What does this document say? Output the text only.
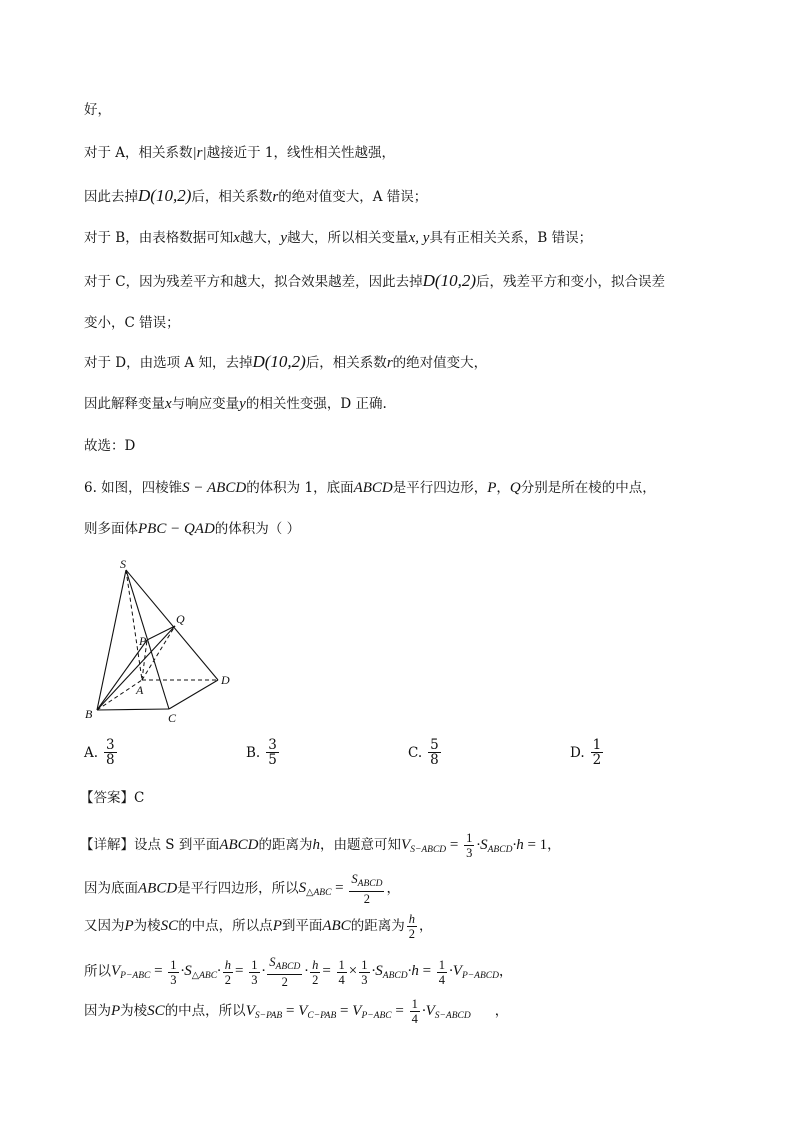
好，
对于 A，相关系数|r|越接近于 1，线性相关性越强，
因此去掉D(10,2)后，相关系数r的绝对值变大，A 错误；
对于 B，由表格数据可知x越大，y越大，所以相关变量x, y具有正相关关系，B 错误；
对于 C，因为残差平方和越大，拟合效果越差，因此去掉D(10,2)后，残差平方和变小，拟合误差
变小，C 错误；
对于 D，由选项 A 知，去掉D(10,2)后，相关系数r的绝对值变大，
因此解释变量x与响应变量y的相关性变强，D 正确.
故选：D
6. 如图，四棱锥S − ABCD的体积为 1，底面ABCD是平行四边形，P，Q分别是所在棱的中点，
则多面体PBC − QAD的体积为（ ）
S
P
Q
A
B	C
D
A. $\frac{3}{8}$	B. $\frac{3}{5}$	C. $\frac{5}{8}$	D. $\frac{1}{2}$
【答案】C
【详解】设点 S 到平面ABCD的距离为h，由题意可知$V_{S-ABCD} = \frac{1}{3} \cdot S_{ABCD}\cdot h = 1$，
因为底面ABCD是平行四边形，所以$S_{\triangle ABC} = \frac{S_{ABCD}}{2}$ ，
又因为P为棱SC的中点，所以点P到平面ABC的距离为 $\frac{h}{2}$ ，
所以$V_{P-ABC} = \frac{1}{3} \cdot S_{\triangle ABC}\cdot \frac{h}{2} = \frac{1}{3} \cdot \frac{S_{ABCD}}{2} \cdot \frac{h}{2} = \frac{1}{4} \times \frac{1}{3} \cdot S_{ABCD}\cdot h = \frac{1}{4} \cdot V_{P-ABCD}$，
因为P为棱SC的中点，所以$V_{S-PAB} = V_{C-PAB} = V_{P-ABC} = \frac{1}{4} \cdot V_{S-ABCD}$ ，
